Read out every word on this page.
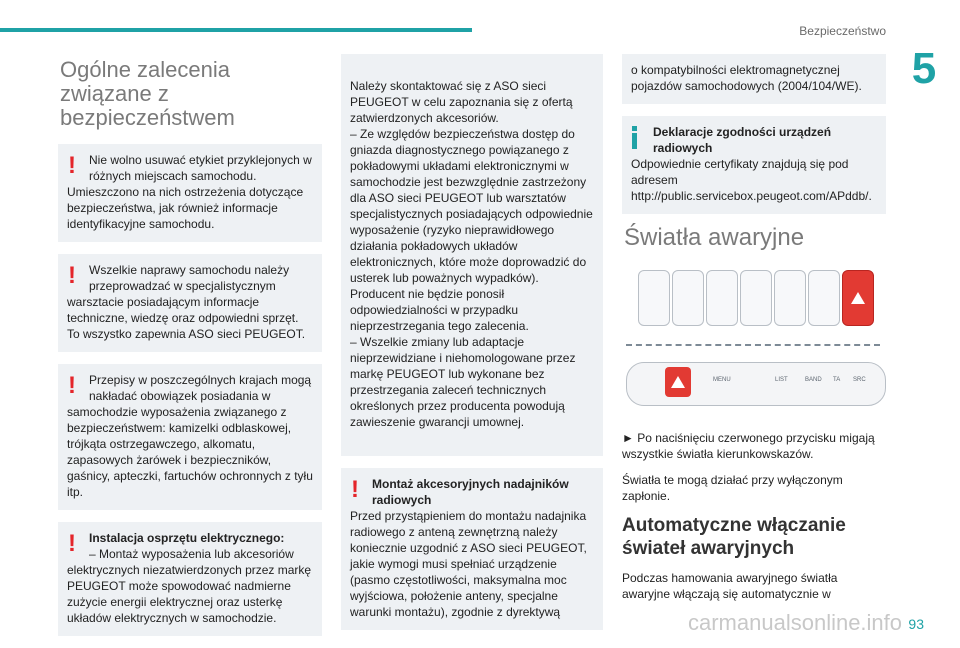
Bezpieczeństwo
5
Ogólne zalecenia związane z bezpieczeństwem
!	Nie wolno usuwać etykiet przyklejonych w różnych miejscach samochodu.
Umieszczono na nich ostrzeżenia dotyczące bezpieczeństwa, jak również informacje identyfikacyjne samochodu.
!	Wszelkie naprawy samochodu należy przeprowadzać w specjalistycznym
warsztacie posiadającym informacje techniczne, wiedzę oraz odpowiedni sprzęt. To wszystko zapewnia ASO sieci PEUGEOT.
!	Przepisy w poszczególnych krajach mogą nakładać obowiązek posiadania w
samochodzie wyposażenia związanego z bezpieczeństwem: kamizelki odblaskowej, trójkąta ostrzegawczego, alkomatu, zapasowych żarówek i bezpieczników, gaśnicy, apteczki, fartuchów ochronnych z tyłu itp.
!	Instalacja osprzętu elektrycznego:
– Montaż wyposażenia lub akcesoriów
elektrycznych niezatwierdzonych przez markę PEUGEOT może spowodować nadmierne zużycie energii elektrycznej oraz usterkę układów elektrycznych w samochodzie.

Należy skontaktować się z ASO sieci PEUGEOT w celu zapoznania się z ofertą zatwierdzonych akcesoriów.
– Ze względów bezpieczeństwa dostęp do gniazda diagnostycznego powiązanego z pokładowymi układami elektronicznymi w samochodzie jest bezwzględnie zastrzeżony dla ASO sieci PEUGEOT lub warsztatów specjalistycznych posiadających odpowiednie wyposażenie (ryzyko nieprawidłowego działania pokładowych układów elektronicznych, które może doprowadzić do usterek lub poważnych wypadków). Producent nie będzie ponosił odpowiedzialności w przypadku nieprzestrzegania tego zalecenia.
– Wszelkie zmiany lub adaptacje nieprzewidziane i niehomologowane przez markę PEUGEOT lub wykonane bez przestrzegania zaleceń technicznych określonych przez producenta powodują zawieszenie gwarancji umownej.

!	Montaż akcesoryjnych nadajników radiowych
Przed przystąpieniem do montażu nadajnika radiowego z anteną zewnętrzną należy koniecznie uzgodnić z ASO sieci PEUGEOT, jakie wymogi musi spełniać urządzenie (pasmo częstotliwości, maksymalna moc wyjściowa, położenie anteny, specjalne warunki montażu), zgodnie z dyrektywą
o kompatybilności elektromagnetycznej pojazdów samochodowych (2004/104/WE).
Deklaracje zgodności urządzeń radiowych
Odpowiednie certyfikaty znajdują się pod adresem http://public.servicebox.peugeot.com/APddb/.
Światła awaryjne
MENU	LIST	BAND TA SRC
► Po naciśnięciu czerwonego przycisku migają wszystkie światła kierunkowskazów.
Światła te mogą działać przy wyłączonym zapłonie.
Automatyczne włączanie świateł awaryjnych
Podczas hamowania awaryjnego światła awaryjne włączają się automatycznie w
carmanualsonline.info 93
